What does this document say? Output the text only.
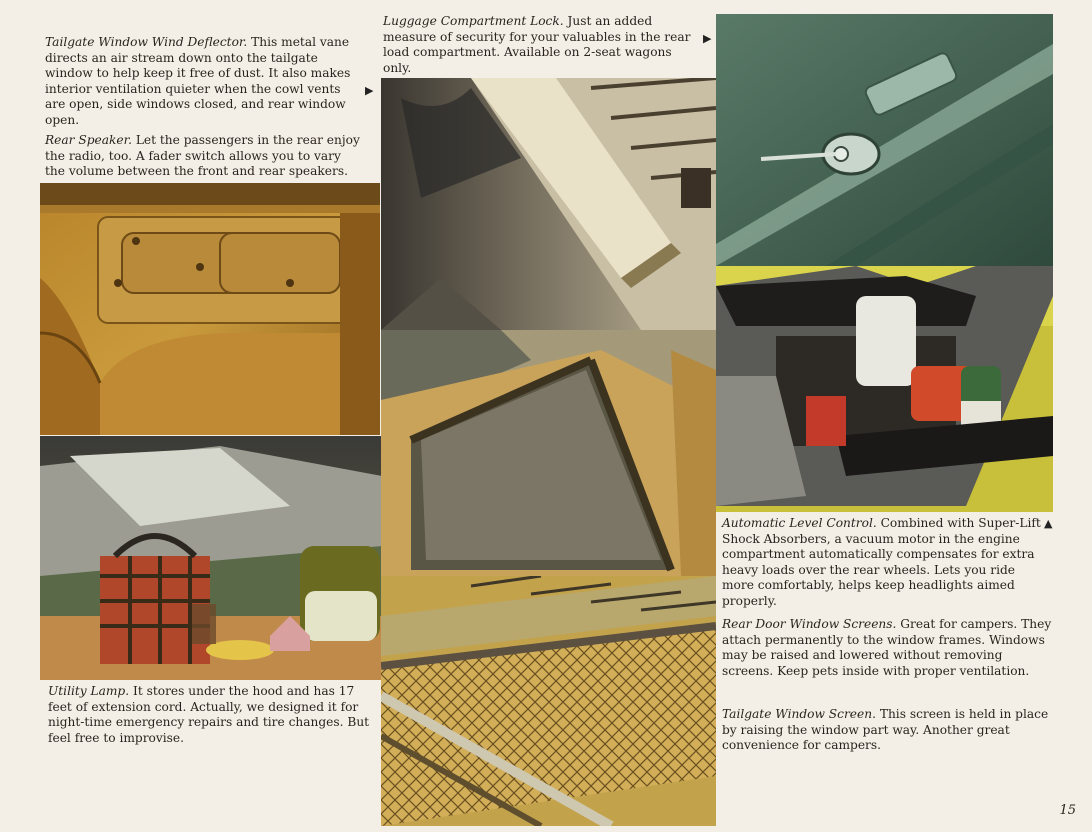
Tailgate Window Wind Deflector. This metal vane directs an air stream down onto the tailgate window to help keep it free of dust. It also makes interior ventilation quieter when the cowl vents are open, side windows closed, and rear window open.
▶
Rear Speaker. Let the passengers in the rear enjoy the radio, too. A fader switch allows you to vary the volume between the front and rear speakers.
Luggage Compartment Lock. Just an added measure of security for your valuables in the rear load compartment. Available on 2-seat wagons only.
▶
Automatic Level Control. Combined with Super-Lift Shock Absorbers, a vacuum motor in the engine compartment automatically compensates for extra heavy loads over the rear wheels. Lets you ride more comfortably, helps keep headlights aimed properly.
▲
Rear Door Window Screens. Great for campers. They attach permanently to the window frames. Windows may be raised and lowered without removing screens. Keep pets inside with proper ventilation.
Tailgate Window Screen. This screen is held in place by raising the window part way. Another great convenience for campers.
Utility Lamp. It stores under the hood and has 17 feet of extension cord. Actually, we designed it for night-time emergency repairs and tire changes. But feel free to improvise.
15
